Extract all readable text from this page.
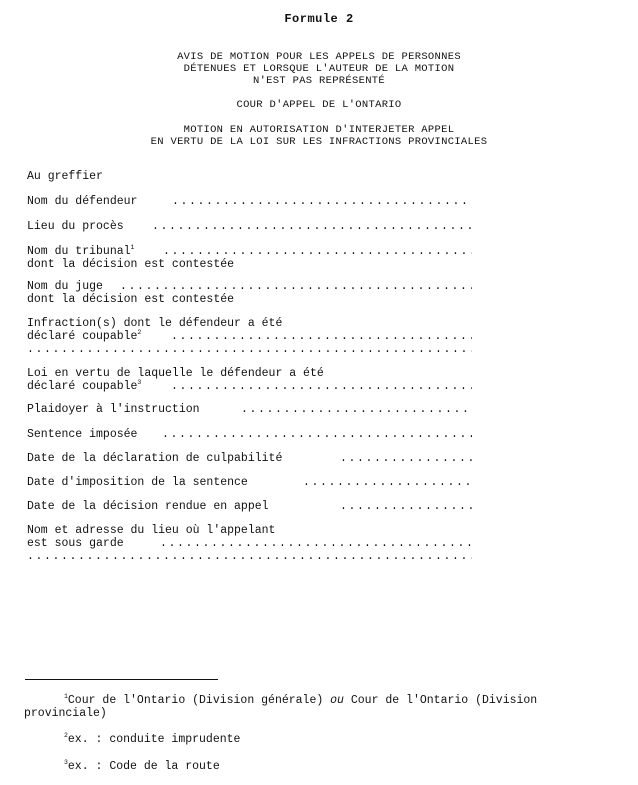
Formule 2
AVIS DE MOTION POUR LES APPELS DE PERSONNES
DÉTENUES ET LORSQUE L'AUTEUR DE LA MOTION
N'EST PAS REPRÉSENTÉ
COUR D'APPEL DE L'ONTARIO
MOTION EN AUTORISATION D'INTERJETER APPEL
EN VERTU DE LA LOI SUR LES INFRACTIONS PROVINCIALES
Au greffier
Nom du défendeur
.....
Lieu du procès
.....
Nom du tribunal$^1$
.....
dont la décision est contestée
Nom du juge
.....
dont la décision est contestée
Infraction(s) dont le défendeur a été
déclaré coupable$^2$
.....
.....
Loi en vertu de laquelle le défendeur a été
déclaré coupable$^3$
.....
Plaidoyer à l'instruction
.....
Sentence imposée
.....
Date de la déclaration de culpabilité
.....
Date d'imposition de la sentence
.....
Date de la décision rendue en appel
.....
Nom et adresse du lieu où l'appelant
est sous garde
.....
.....
$^1$Cour de l'Ontario (Division générale) ou Cour de l'Ontario (Division
provinciale)
$^2$ex. : conduite imprudente
$^3$ex. : Code de la route
